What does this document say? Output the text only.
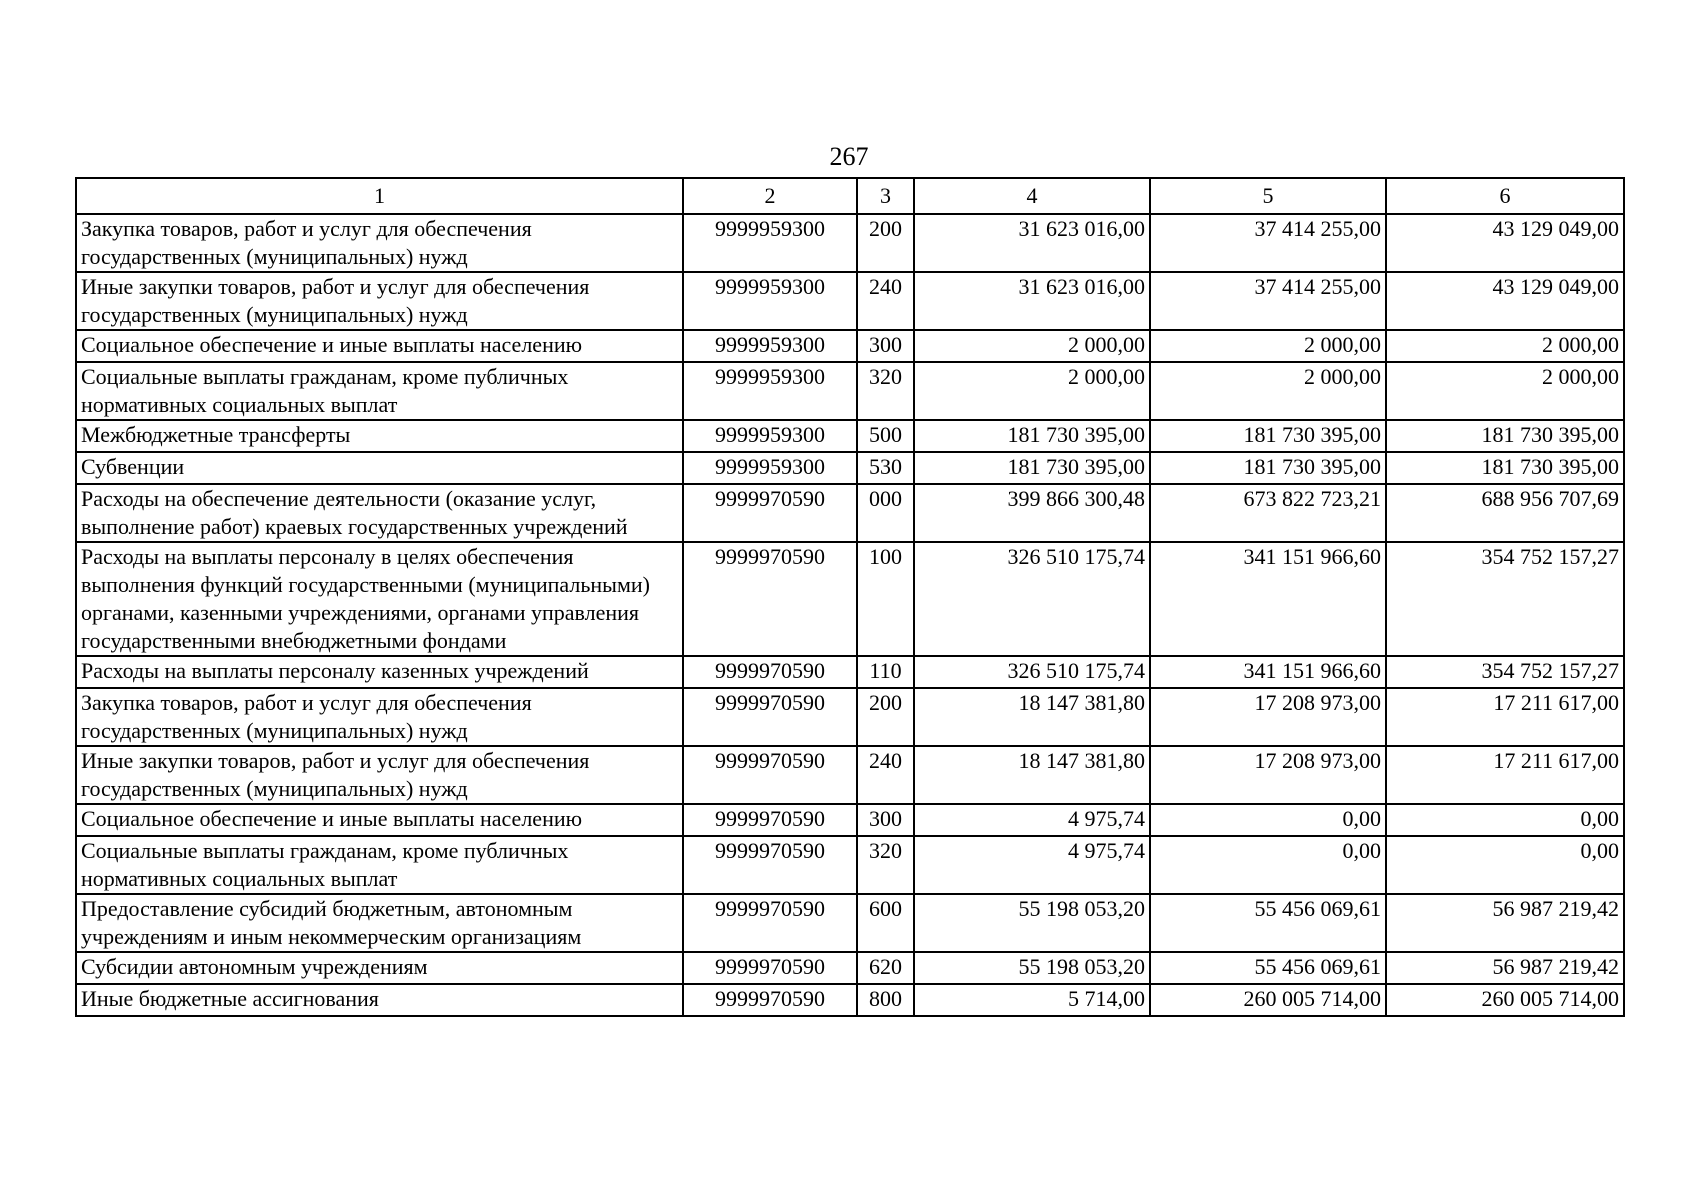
267
1	2	3	4	5	6
Закупка товаров, работ и услуг для обеспечения государственных (муниципальных) нужд	9999959300	200	31 623 016,00	37 414 255,00	43 129 049,00
Иные закупки товаров, работ и услуг для обеспечения государственных (муниципальных) нужд	9999959300	240	31 623 016,00	37 414 255,00	43 129 049,00
Социальное обеспечение и иные выплаты населению	9999959300	300	2 000,00	2 000,00	2 000,00
Социальные выплаты гражданам, кроме публичных нормативных социальных выплат	9999959300	320	2 000,00	2 000,00	2 000,00
Межбюджетные трансферты	9999959300	500	181 730 395,00	181 730 395,00	181 730 395,00
Субвенции	9999959300	530	181 730 395,00	181 730 395,00	181 730 395,00
Расходы на обеспечение деятельности (оказание услуг, выполнение работ) краевых государственных учреждений	9999970590	000	399 866 300,48	673 822 723,21	688 956 707,69
Расходы на выплаты персоналу в целях обеспечения выполнения функций государственными (муниципальными) органами, казенными учреждениями, органами управления государственными внебюджетными фондами	9999970590	100	326 510 175,74	341 151 966,60	354 752 157,27
Расходы на выплаты персоналу казенных учреждений	9999970590	110	326 510 175,74	341 151 966,60	354 752 157,27
Закупка товаров, работ и услуг для обеспечения государственных (муниципальных) нужд	9999970590	200	18 147 381,80	17 208 973,00	17 211 617,00
Иные закупки товаров, работ и услуг для обеспечения государственных (муниципальных) нужд	9999970590	240	18 147 381,80	17 208 973,00	17 211 617,00
Социальное обеспечение и иные выплаты населению	9999970590	300	4 975,74	0,00	0,00
Социальные выплаты гражданам, кроме публичных нормативных социальных выплат	9999970590	320	4 975,74	0,00	0,00
Предоставление субсидий бюджетным, автономным учреждениям и иным некоммерческим организациям	9999970590	600	55 198 053,20	55 456 069,61	56 987 219,42
Субсидии автономным учреждениям	9999970590	620	55 198 053,20	55 456 069,61	56 987 219,42
Иные бюджетные ассигнования	9999970590	800	5 714,00	260 005 714,00	260 005 714,00
